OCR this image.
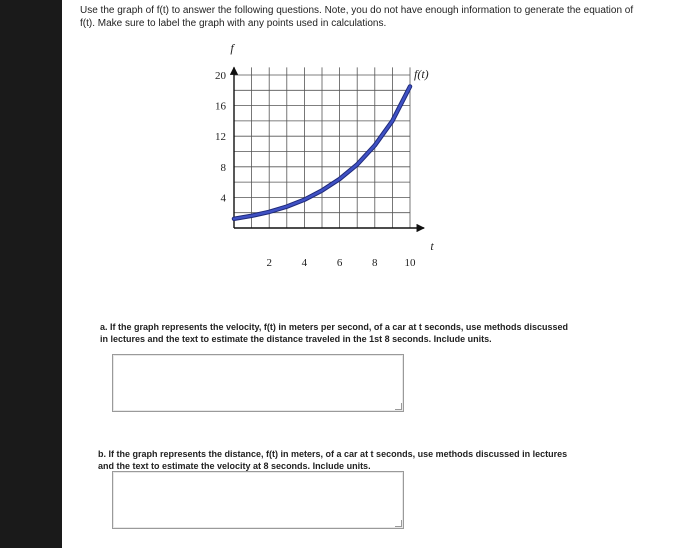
Use the graph of f(t) to answer the following questions. Note, you do not have enough information to generate the equation of f(t). Make sure to label the graph with any points used in calculations.
2	4	6	8 10
4
8
12
16
20
f
t
f(t)
a. If the graph represents the velocity, f(t) in meters per second, of a car at t seconds, use methods discussed in lectures and the text to estimate the distance traveled in the 1st 8 seconds. Include units.
b. If the graph represents the distance, f(t) in meters, of a car at t seconds, use methods discussed in lectures and the text to estimate the velocity at 8 seconds. Include units.
